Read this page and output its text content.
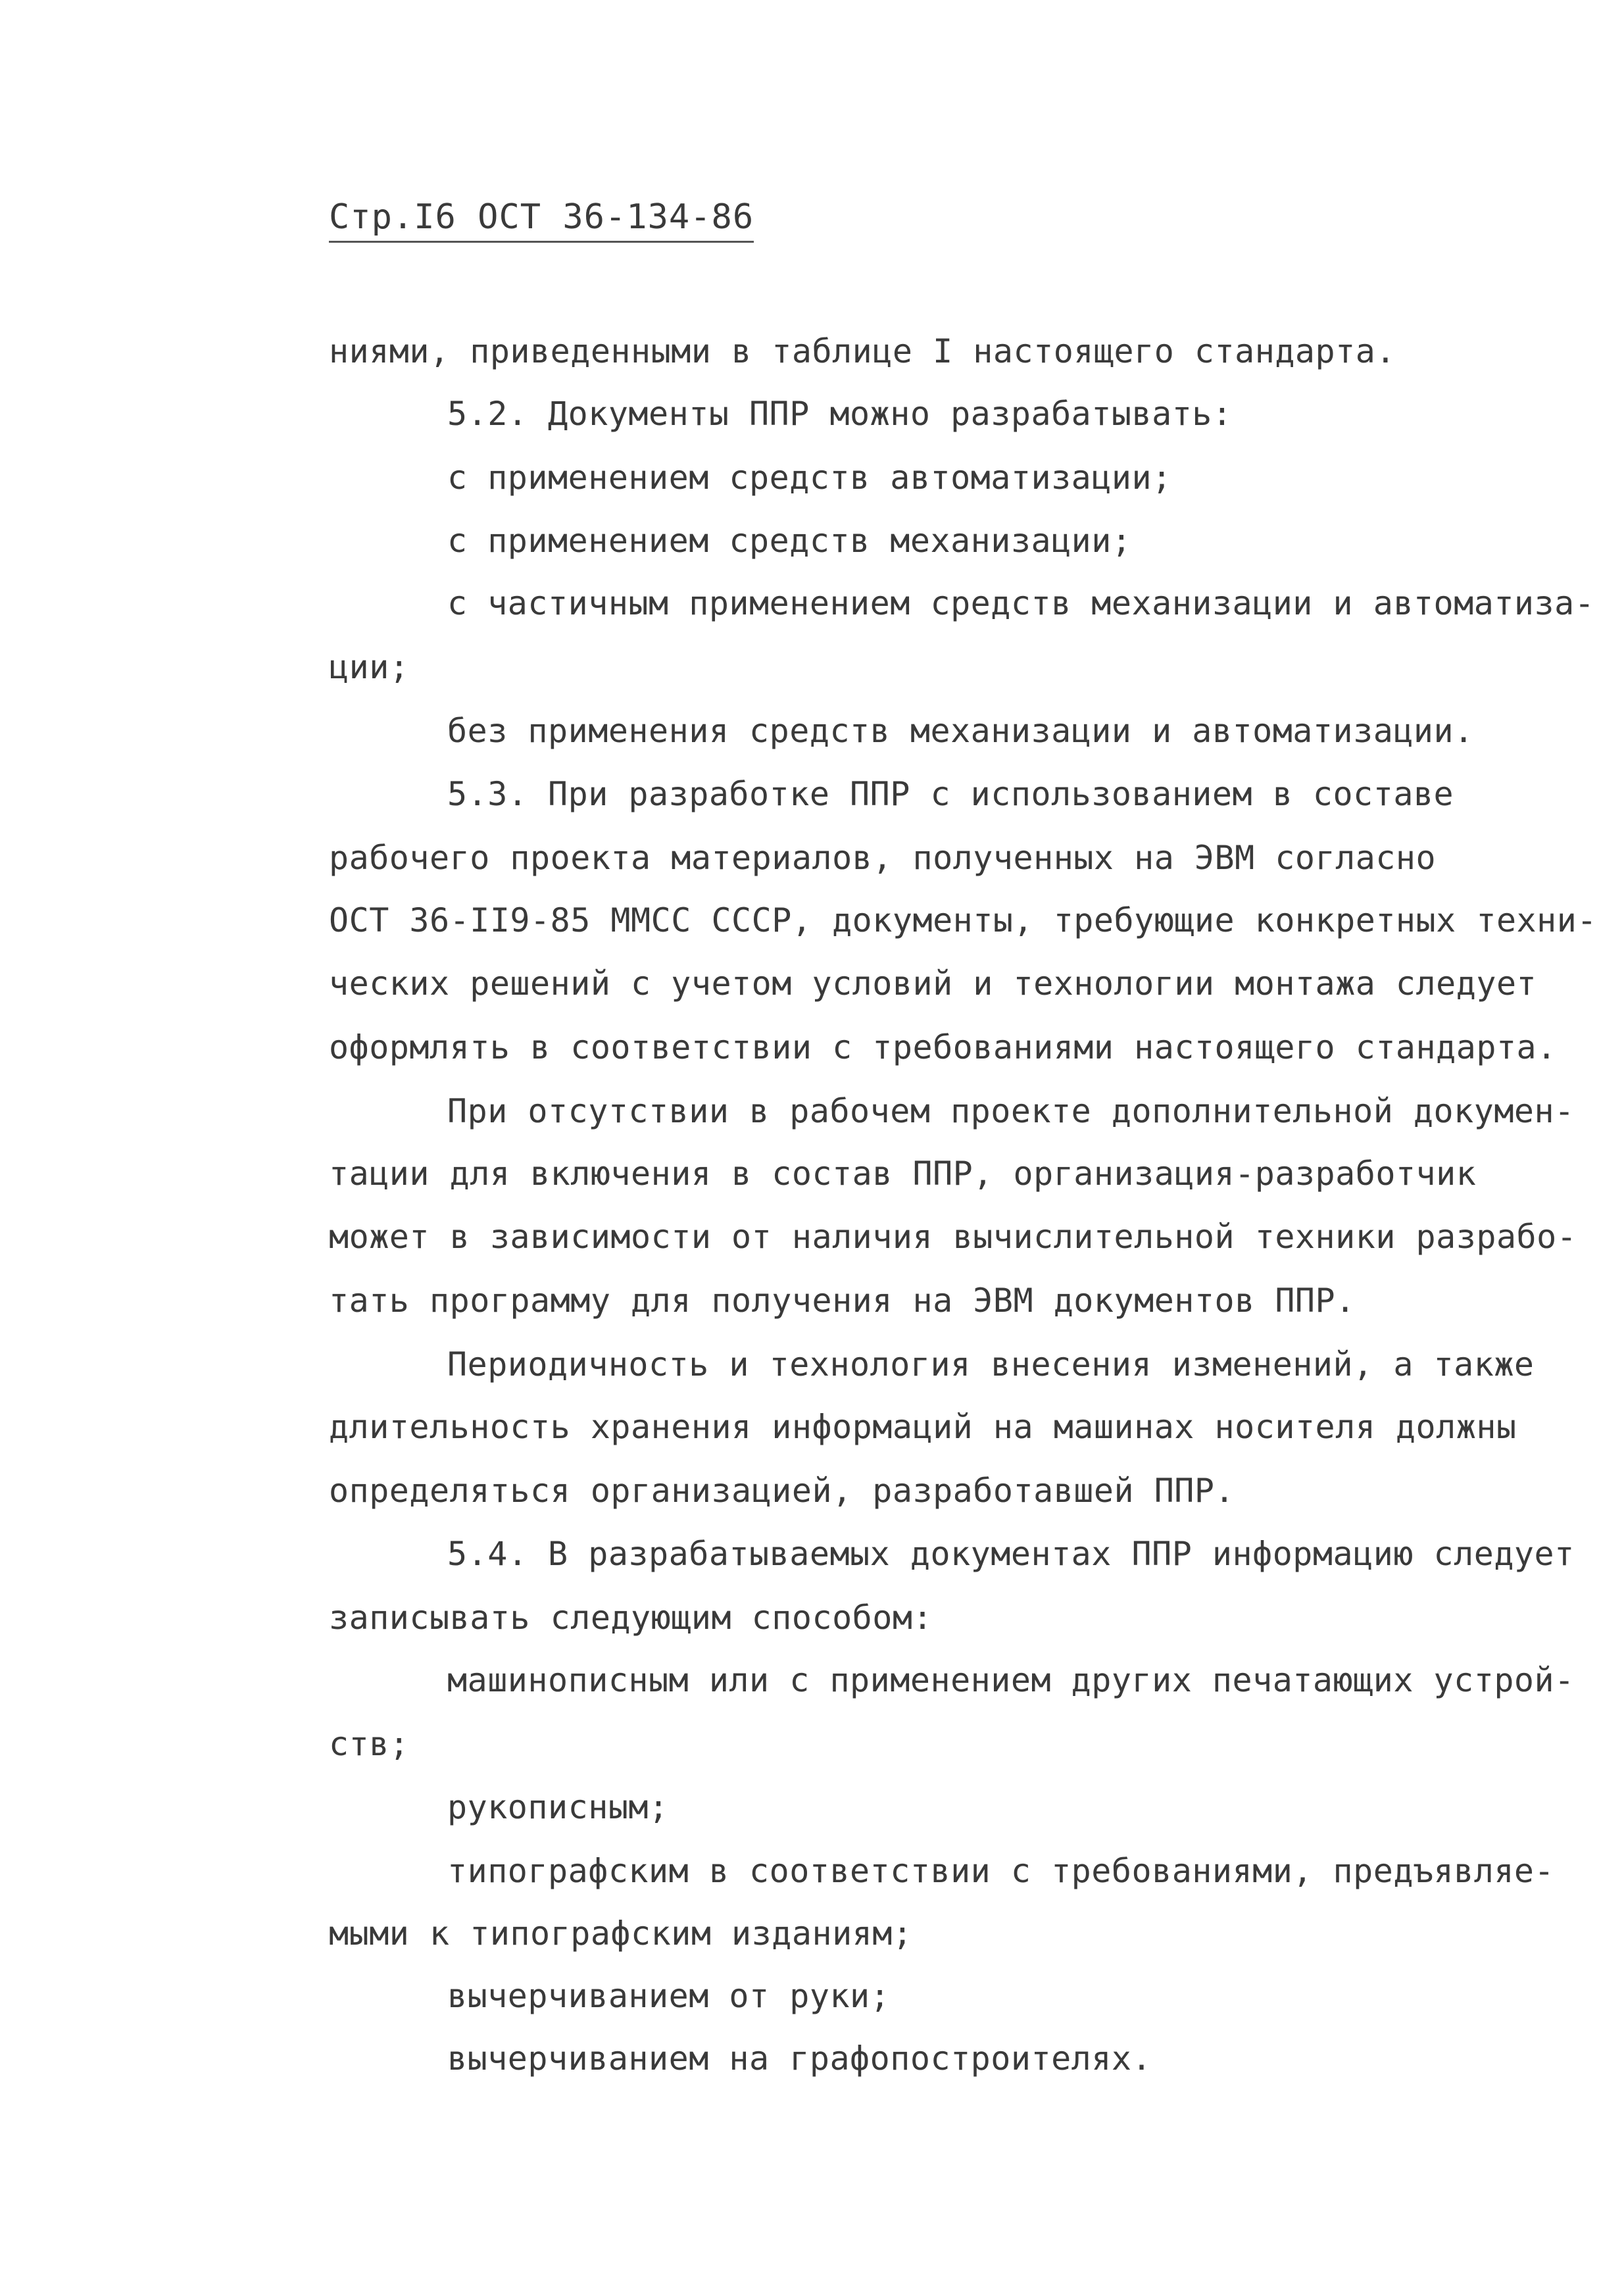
Стр.I6 ОСТ 36-134-86
ниями, приведенными в таблице I настоящего стандарта.
5.2. Документы ППР можно разрабатывать:
с применением средств автоматизации;
с применением средств механизации;
с частичным применением средств механизации и автоматиза-
ции;
без применения средств механизации и автоматизации.
5.3. При разработке ППР с использованием в составе
рабочего проекта материалов, полученных на ЭВМ согласно
ОСТ 36-II9-85 ММСС СССР, документы, требующие конкретных техни-
ческих решений с учетом условий и технологии монтажа следует
оформлять в соответствии с требованиями настоящего стандарта.
При отсутствии в рабочем проекте дополнительной докумен-
тации для включения в состав ППР, организация-разработчик
может в зависимости от наличия вычислительной техники разрабо-
тать программу для получения на ЭВМ документов ППР.
Периодичность и технология внесения изменений, а также
длительность хранения информаций на машинах носителя должны
определяться организацией, разработавшей ППР.
5.4. В разрабатываемых документах ППР информацию следует
записывать следующим способом:
машинописным или с применением других печатающих устрой-
ств;
рукописным;
типографским в соответствии с требованиями, предъявляе-
мыми к типографским изданиям;
вычерчиванием от руки;
вычерчиванием на графопостроителях.
